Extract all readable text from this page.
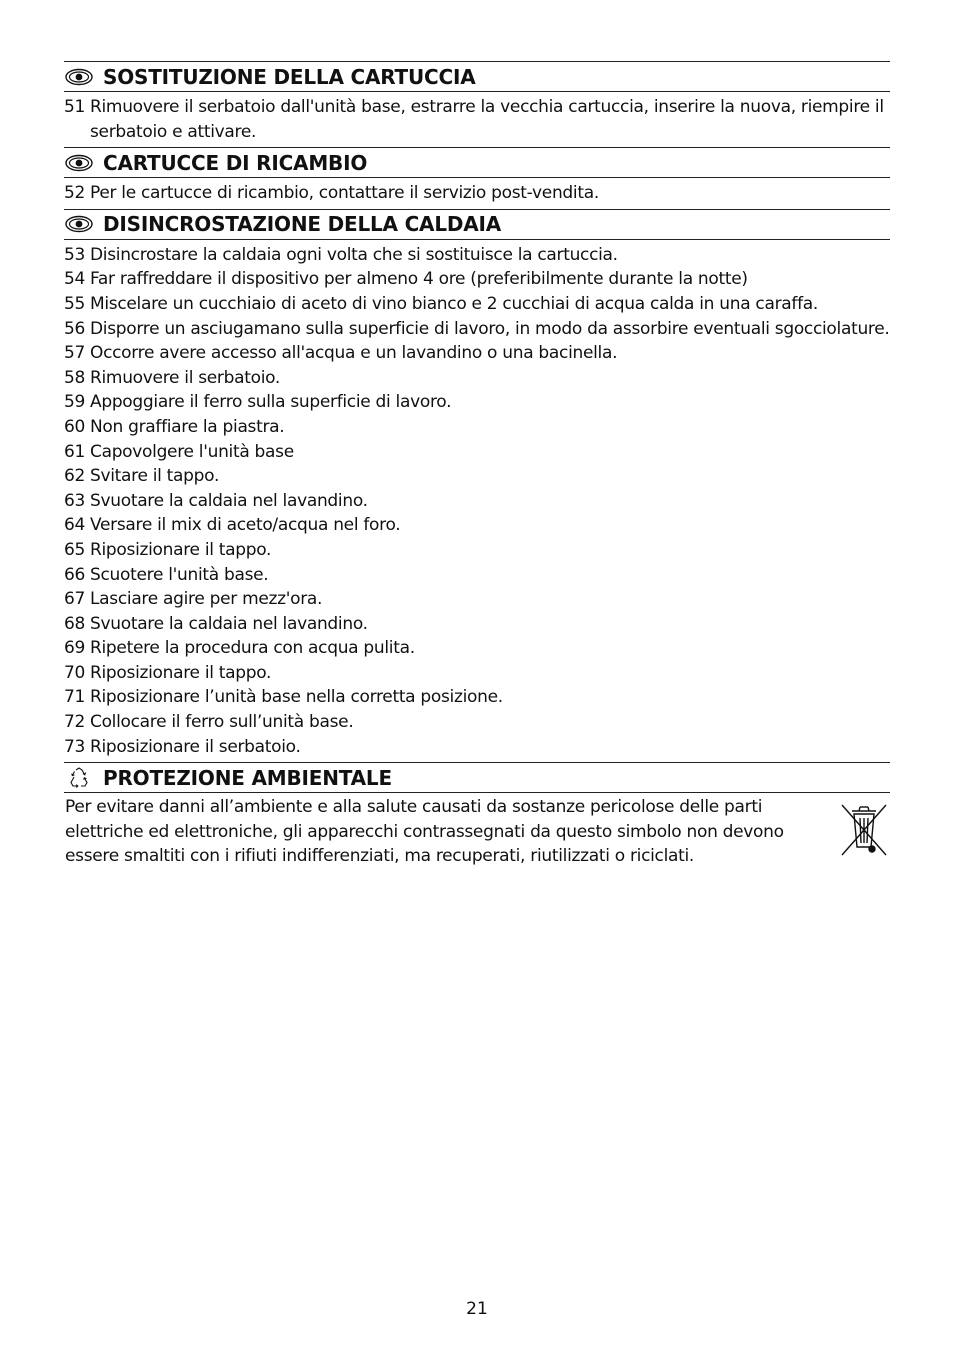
SOSTITUZIONE DELLA CARTUCCIA
51 Rimuovere il serbatoio dall'unità base, estrarre la vecchia cartuccia, inserire la nuova, riempire il serbatoio e attivare.
CARTUCCE DI RICAMBIO
52 Per le cartucce di ricambio, contattare il servizio post-vendita.
DISINCROSTAZIONE DELLA CALDAIA
53 Disincrostare la caldaia ogni volta che si sostituisce la cartuccia.
54 Far raffreddare il dispositivo per almeno 4 ore (preferibilmente durante la notte)
55 Miscelare un cucchiaio di aceto di vino bianco e 2 cucchiai di acqua calda in una caraffa.
56 Disporre un asciugamano sulla superficie di lavoro, in modo da assorbire eventuali sgocciolature.
57 Occorre avere accesso all'acqua e un lavandino o una bacinella.
58 Rimuovere il serbatoio.
59 Appoggiare il ferro sulla superficie di lavoro.
60 Non graffiare la piastra.
61 Capovolgere l'unità base
62 Svitare il tappo.
63 Svuotare la caldaia nel lavandino.
64 Versare il mix di aceto/acqua nel foro.
65 Riposizionare il tappo.
66 Scuotere l'unità base.
67 Lasciare agire per mezz'ora.
68 Svuotare la caldaia nel lavandino.
69 Ripetere la procedura con acqua pulita.
70 Riposizionare il tappo.
71 Riposizionare l’unità base nella corretta posizione.
72 Collocare il ferro sull’unità base.
73 Riposizionare il serbatoio.
PROTEZIONE AMBIENTALE
Per evitare danni all’ambiente e alla salute causati da sostanze pericolose delle parti elettriche ed elettroniche, gli apparecchi contrassegnati da questo simbolo non devono essere smaltiti con i rifiuti indifferenziati, ma recuperati, riutilizzati o riciclati.
21
